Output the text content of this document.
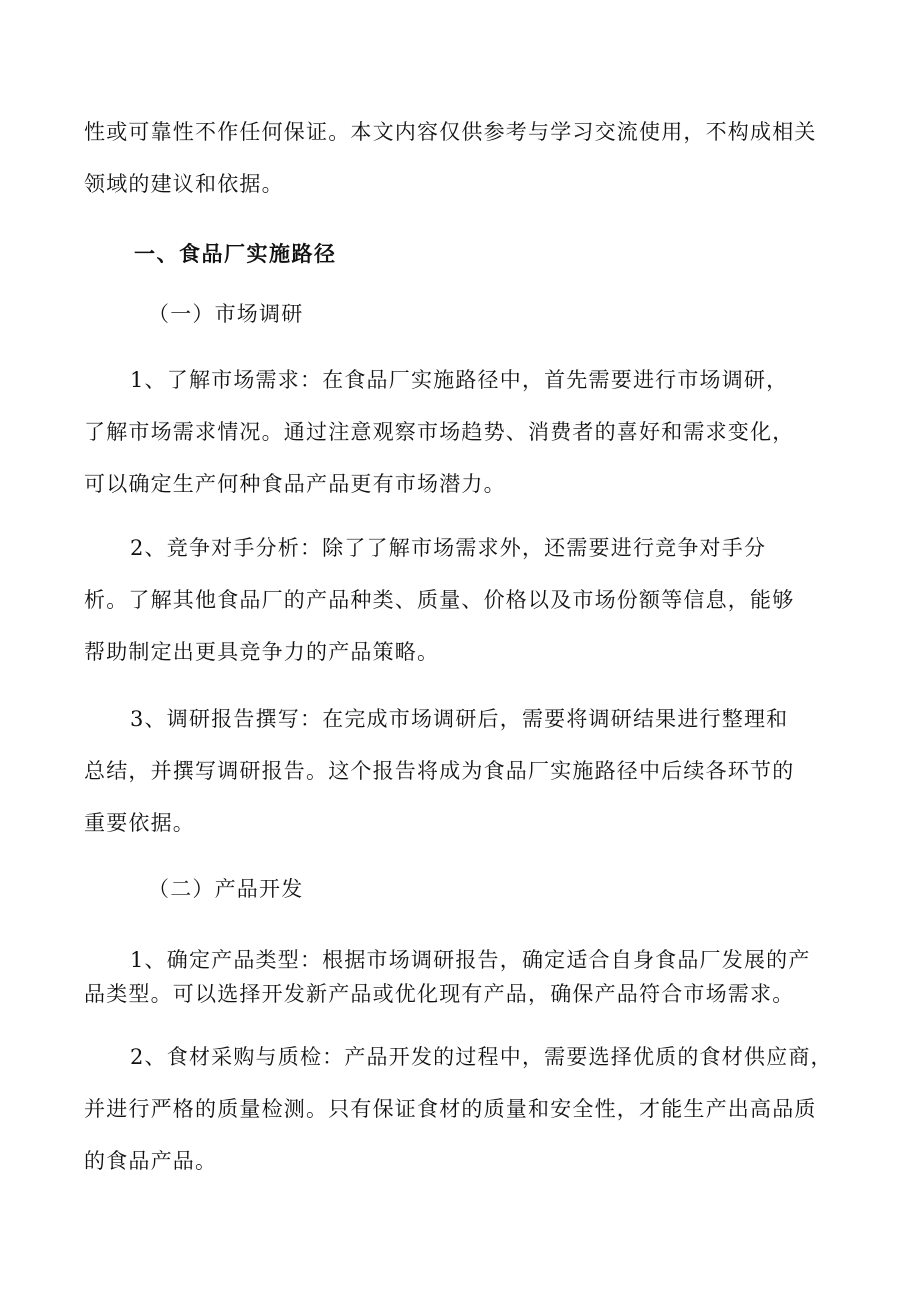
性或可靠性不作任何保证。本文内容仅供参考与学习交流使用，不构成相关

领域的建议和依据。

一、食品厂实施路径
（一）市场调研

1、了解市场需求：在食品厂实施路径中，首先需要进行市场调研，

了解市场需求情况。通过注意观察市场趋势、消费者的喜好和需求变化，

可以确定生产何种食品产品更有市场潜力。

2、竞争对手分析：除了了解市场需求外，还需要进行竞争对手分

析。了解其他食品厂的产品种类、质量、价格以及市场份额等信息，能够

帮助制定出更具竞争力的产品策略。

3、调研报告撰写：在完成市场调研后，需要将调研结果进行整理和

总结，并撰写调研报告。这个报告将成为食品厂实施路径中后续各环节的

重要依据。

（二）产品开发

1、确定产品类型：根据市场调研报告，确定适合自身食品厂发展的产

品类型。可以选择开发新产品或优化现有产品，确保产品符合市场需求。

2、食材采购与质检：产品开发的过程中，需要选择优质的食材供应商，

并进行严格的质量检测。只有保证食材的质量和安全性，才能生产出高品质

的食品产品。
